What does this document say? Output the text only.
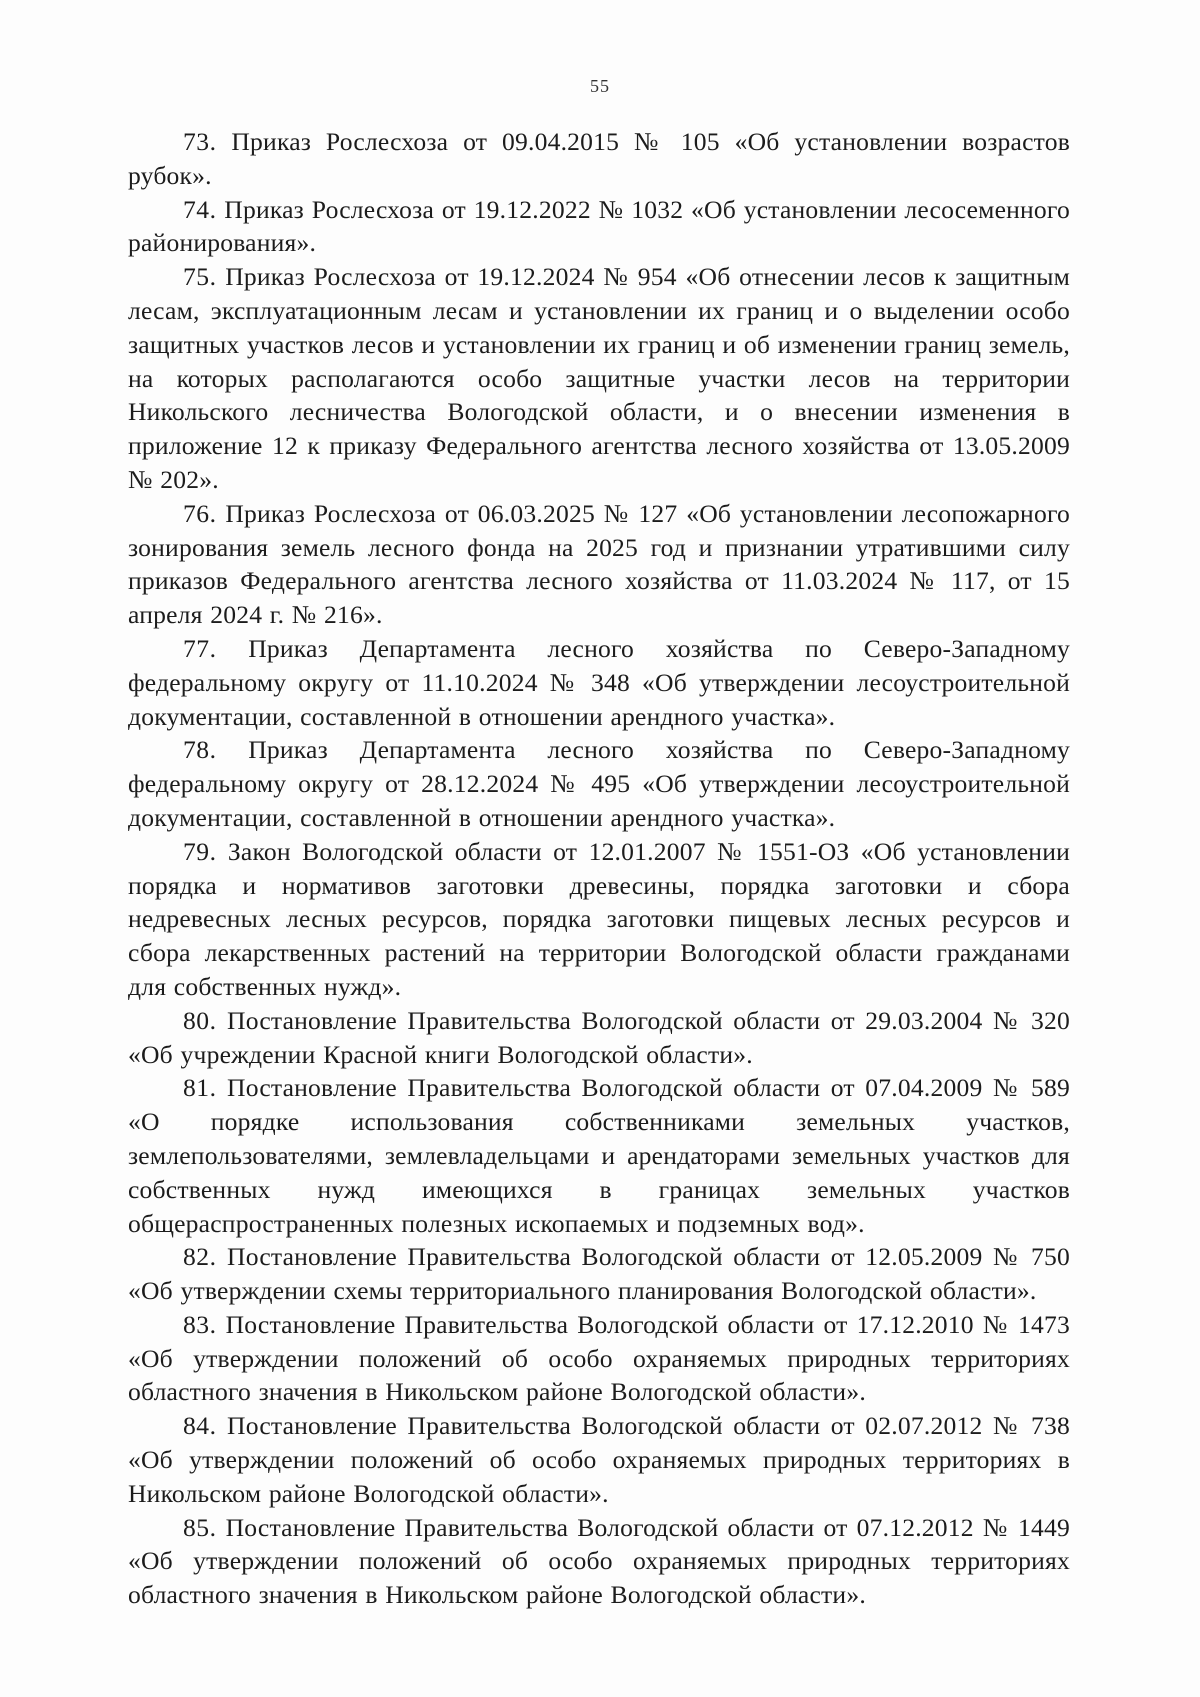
55

73. Приказ Рослесхоза от 09.04.2015 № 105 «Об установлении возрастов рубок».

74. Приказ Рослесхоза от 19.12.2022 № 1032 «Об установлении лесосеменного районирования».

75. Приказ Рослесхоза от 19.12.2024 № 954 «Об отнесении лесов к защитным лесам, эксплуатационным лесам и установлении их границ и о выделении особо защитных участков лесов и установлении их границ и об изменении границ земель, на которых располагаются особо защитные участки лесов на территории Никольского лесничества Вологодской области, и о внесении изменения в приложение 12 к приказу Федерального агентства лесного хозяйства от 13.05.2009 № 202».

76. Приказ Рослесхоза от 06.03.2025 № 127 «Об установлении лесопожарного зонирования земель лесного фонда на 2025 год и признании утратившими силу приказов Федерального агентства лесного хозяйства от 11.03.2024 № 117, от 15 апреля 2024 г. № 216».

77. Приказ Департамента лесного хозяйства по Северо-Западному федеральному округу от 11.10.2024 № 348 «Об утверждении лесоустроительной документации, составленной в отношении арендного участка».

78. Приказ Департамента лесного хозяйства по Северо-Западному федеральному округу от 28.12.2024 № 495 «Об утверждении лесоустроительной документации, составленной в отношении арендного участка».

79. Закон Вологодской области от 12.01.2007 № 1551-ОЗ «Об установлении порядка и нормативов заготовки древесины, порядка заготовки и сбора недревесных лесных ресурсов, порядка заготовки пищевых лесных ресурсов и сбора лекарственных растений на территории Вологодской области гражданами для собственных нужд».

80. Постановление Правительства Вологодской области от 29.03.2004 № 320 «Об учреждении Красной книги Вологодской области».

81. Постановление Правительства Вологодской области от 07.04.2009 № 589 «О порядке использования собственниками земельных участков, землепользователями, землевладельцами и арендаторами земельных участков для собственных нужд имеющихся в границах земельных участков общераспространенных полезных ископаемых и подземных вод».

82. Постановление Правительства Вологодской области от 12.05.2009 № 750 «Об утверждении схемы территориального планирования Вологодской области».

83. Постановление Правительства Вологодской области от 17.12.2010 № 1473 «Об утверждении положений об особо охраняемых природных территориях областного значения в Никольском районе Вологодской области».

84. Постановление Правительства Вологодской области от 02.07.2012 № 738 «Об утверждении положений об особо охраняемых природных территориях в Никольском районе Вологодской области».

85. Постановление Правительства Вологодской области от 07.12.2012 № 1449 «Об утверждении положений об особо охраняемых природных территориях областного значения в Никольском районе Вологодской области».
